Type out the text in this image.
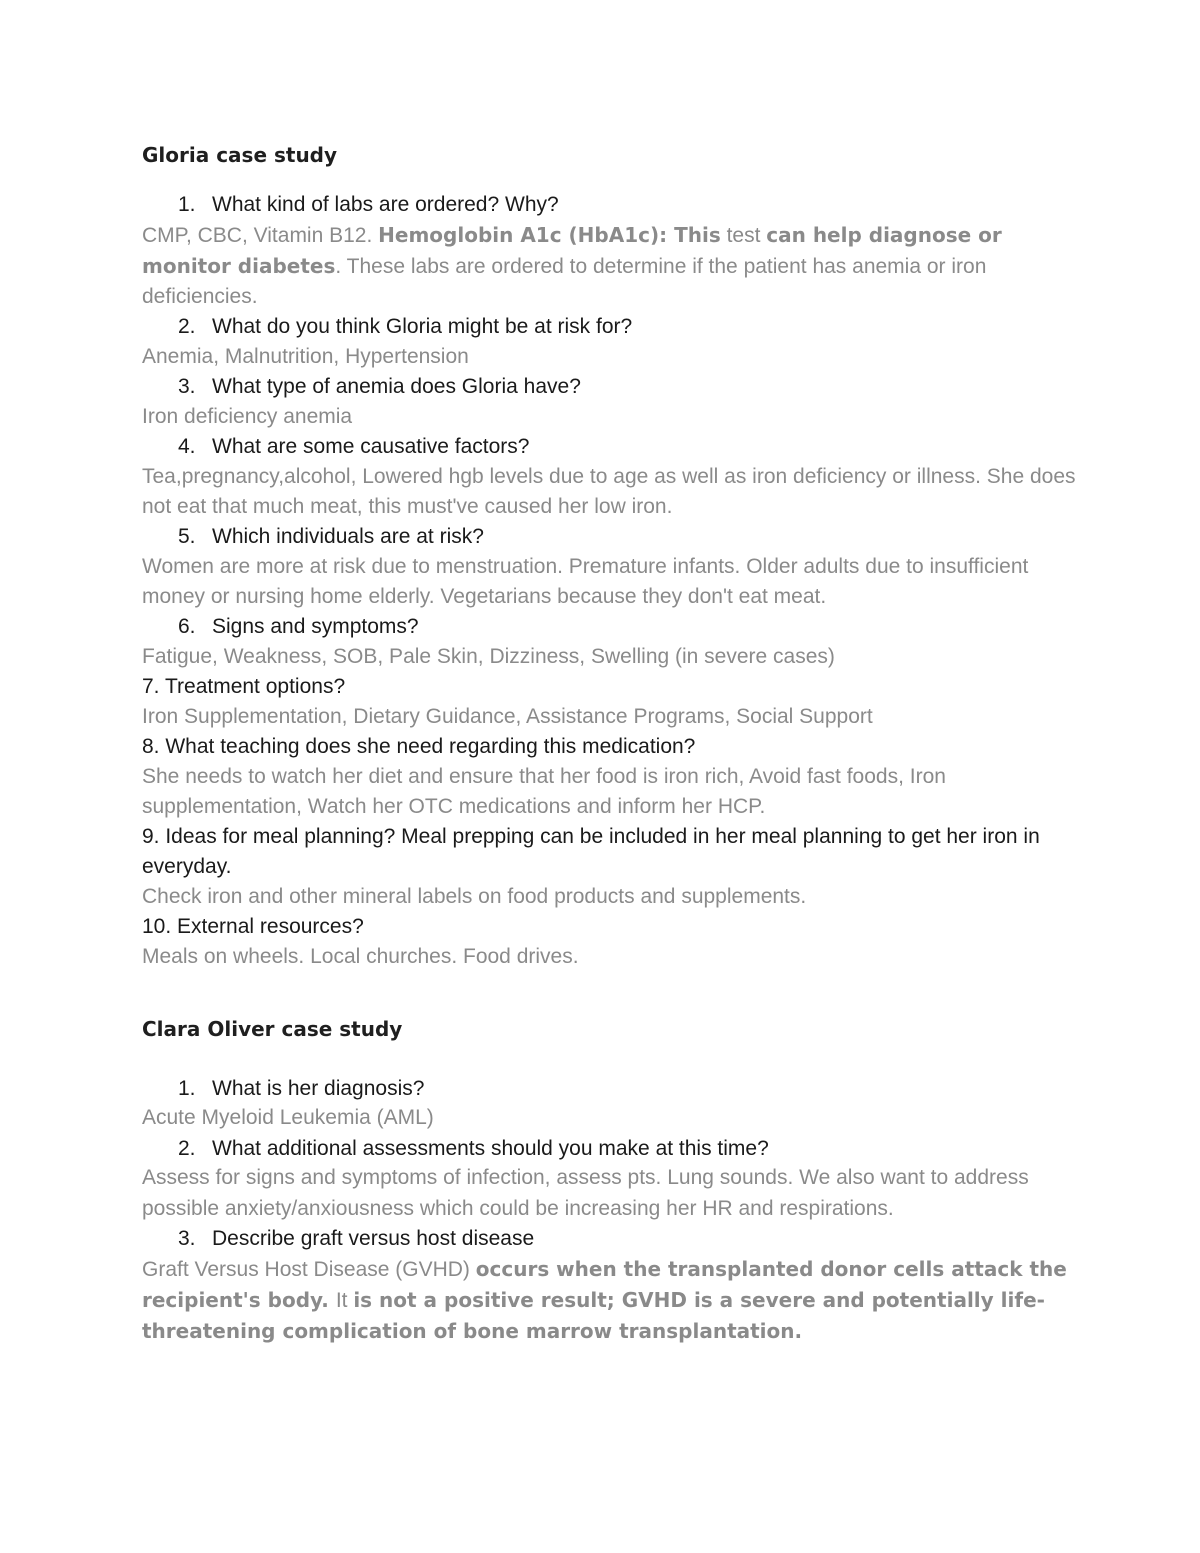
Gloria case study

1. What kind of labs are ordered? Why?

CMP, CBC, Vitamin B12. Hemoglobin A1c (HbA1c): This test can help diagnose or monitor diabetes. These labs are ordered to determine if the patient has anemia or iron deficiencies.

2. What do you think Gloria might be at risk for?

Anemia, Malnutrition, Hypertension

3. What type of anemia does Gloria have?

Iron deficiency anemia

4. What are some causative factors?

Tea,pregnancy,alcohol, Lowered hgb levels due to age as well as iron deficiency or illness. She does not eat that much meat, this must've caused her low iron.

5. Which individuals are at risk?

Women are more at risk due to menstruation. Premature infants. Older adults due to insufficient money or nursing home elderly. Vegetarians because they don't eat meat.

6. Signs and symptoms?

Fatigue, Weakness, SOB, Pale Skin, Dizziness, Swelling (in severe cases)

7. Treatment options?

Iron Supplementation, Dietary Guidance, Assistance Programs, Social Support

8. What teaching does she need regarding this medication?

She needs to watch her diet and ensure that her food is iron rich, Avoid fast foods, Iron supplementation, Watch her OTC medications and inform her HCP.

9. Ideas for meal planning? Meal prepping can be included in her meal planning to get her iron in everyday.

Check iron and other mineral labels on food products and supplements.

10. External resources?

Meals on wheels. Local churches. Food drives.

Clara Oliver case study

1. What is her diagnosis?

Acute Myeloid Leukemia (AML)

2. What additional assessments should you make at this time?

Assess for signs and symptoms of infection, assess pts. Lung sounds. We also want to address possible anxiety/anxiousness which could be increasing her HR and respirations.

3. Describe graft versus host disease

Graft Versus Host Disease (GVHD) occurs when the transplanted donor cells attack the recipient's body. It is not a positive result; GVHD is a severe and potentially life-threatening complication of bone marrow transplantation.
